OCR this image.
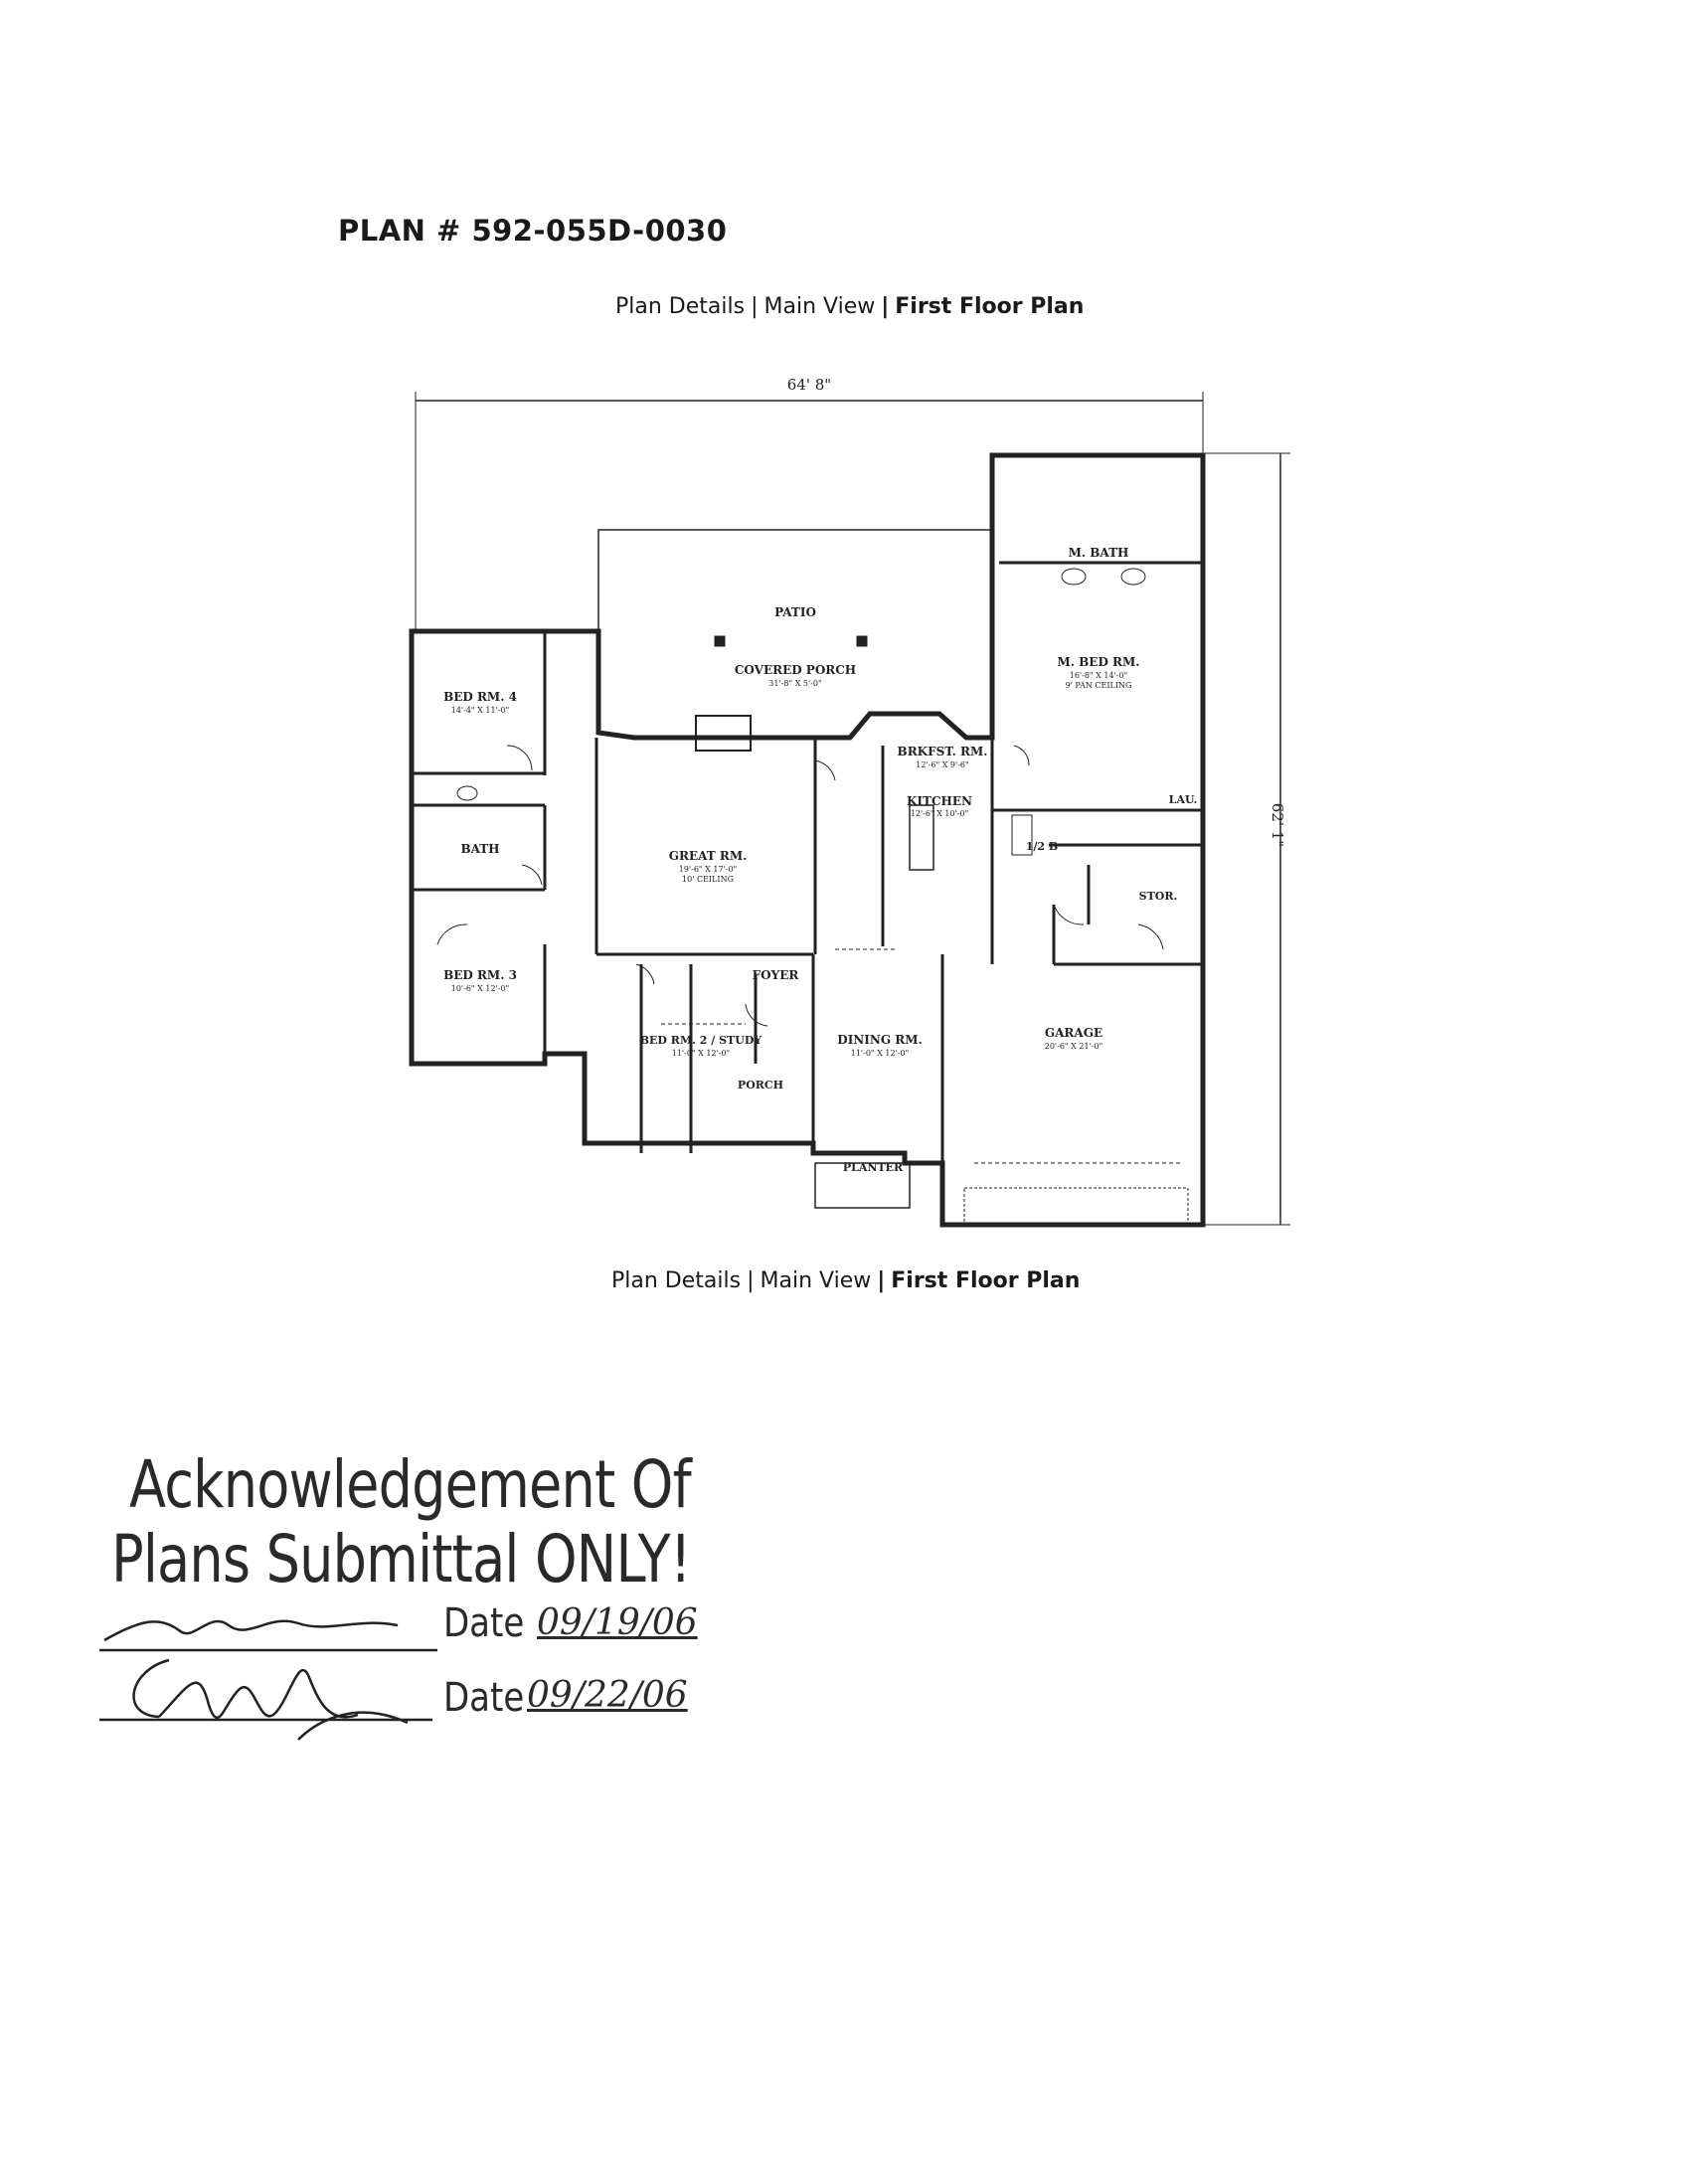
PLAN # 592-055D-0030
Plan Details | Main View | First Floor Plan
64' 8"
62' 1"
PATIO
COVERED PORCH
31'-8" X 5'-0"
BED RM. 4
14'-4" X 11'-0"
BATH	GREAT RM.
19'-6" X 17'-0"
10' CEILING
BRKFST. RM.
12'-6" X 9'-6"
KITCHEN
12'-6" X 10'-0"
M. BATH
M. BED RM.
16'-8" X 14'-0"
9' PAN CEILING
LAU.
1/2 B
STOR.
BED RM. 3
10'-6" X 12'-0"
BED RM. 2 / STUDY
11'-0" X 12'-0"
FOYER
DINING RM.
11'-0" X 12'-0"
GARAGE
20'-6" X 21'-0"
PORCH
PLANTER
Plan Details | Main View | First Floor Plan
Acknowledgement Of
Plans Submittal ONLY!
Date 09/19/06
Date 09/22/06
